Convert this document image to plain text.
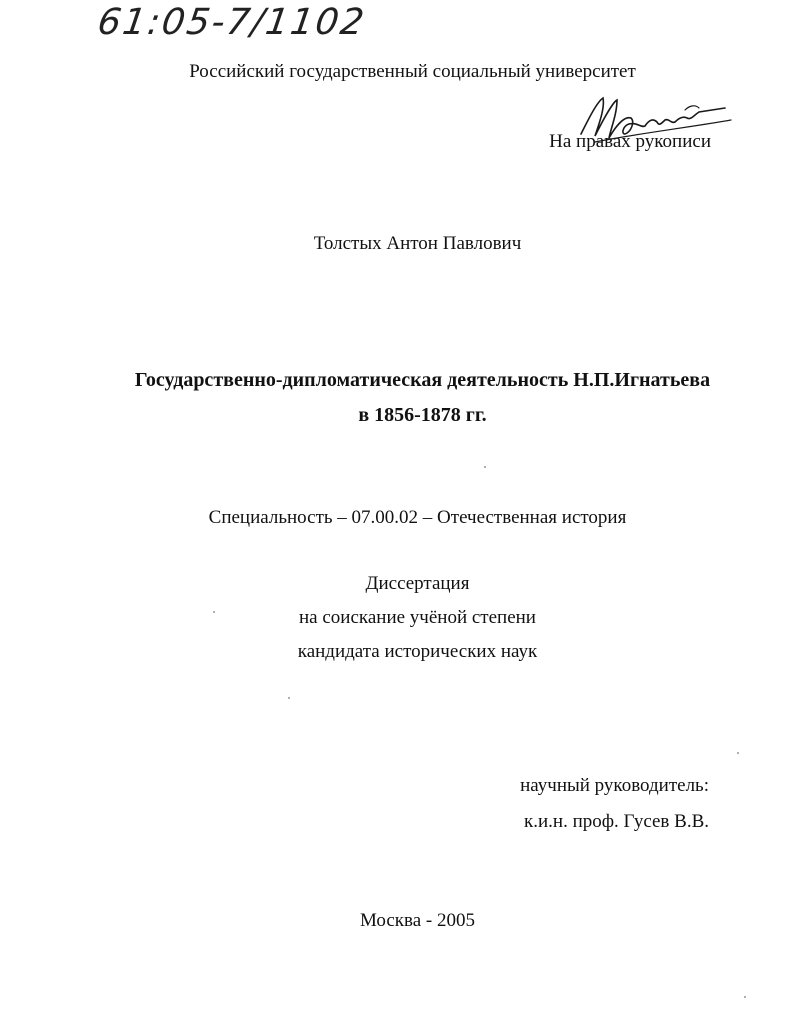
61:05-7/1102
Российский государственный социальный университет
На правах рукописи
Толстых Антон Павлович
Государственно-дипломатическая деятельность Н.П.Игнатьева
в 1856-1878 гг.
Специальность – 07.00.02 – Отечественная история
Диссертация
на соискание учёной степени
кандидата исторических наук
научный руководитель:
к.и.н. проф. Гусев В.В.
Москва - 2005
